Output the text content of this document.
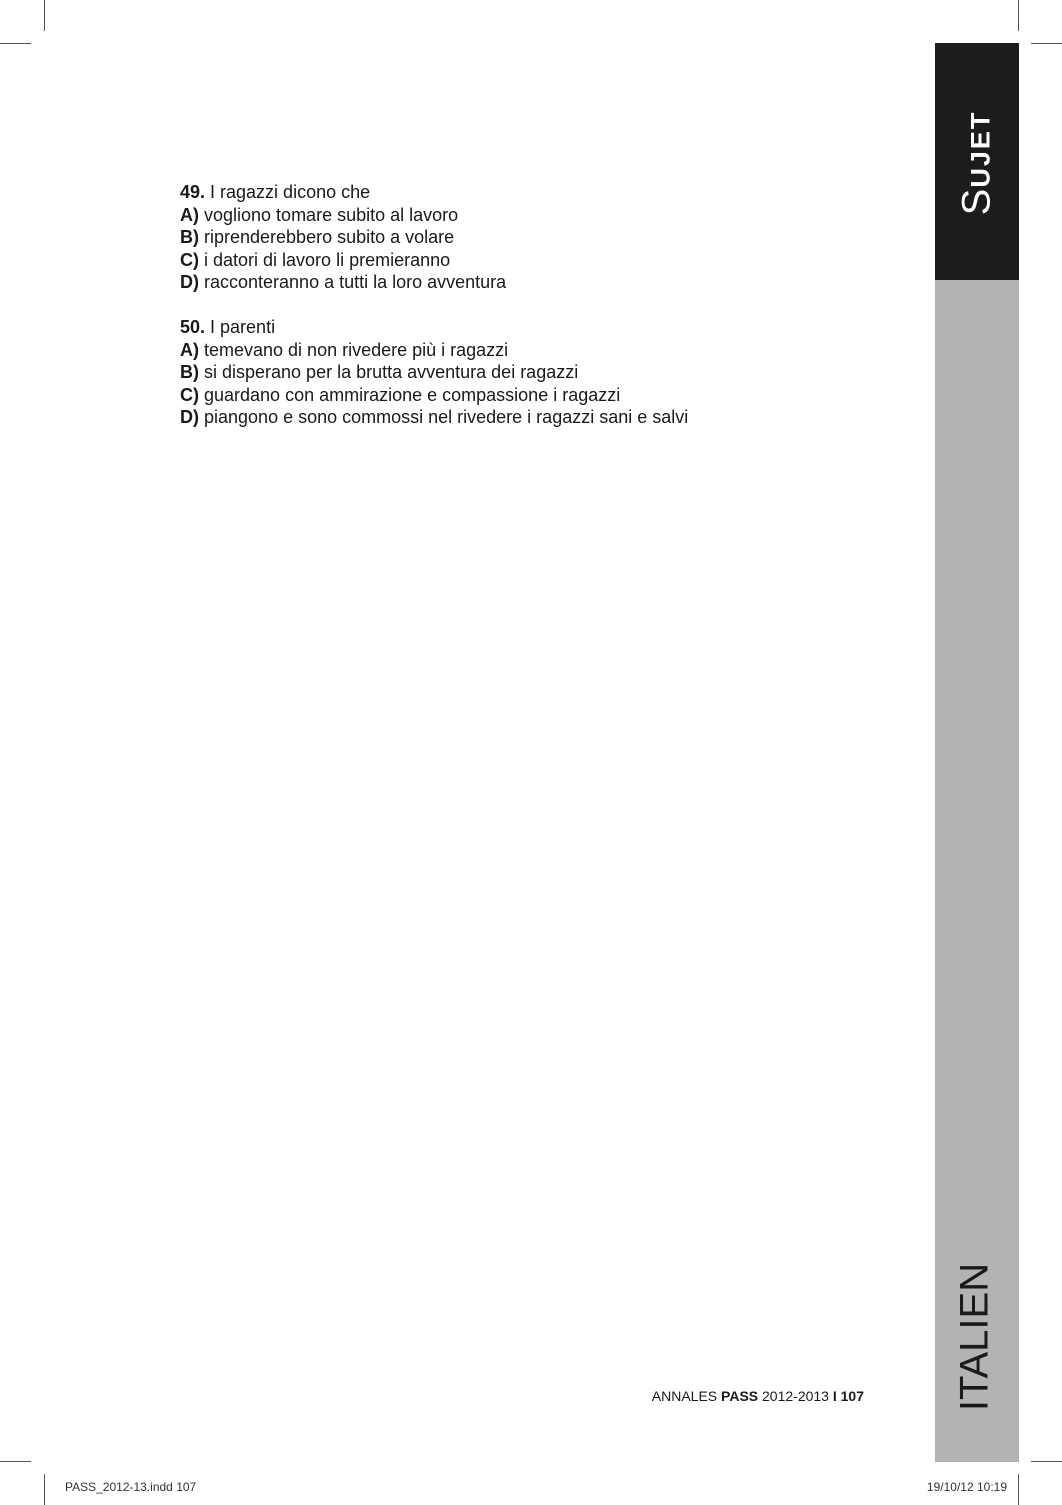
49. I ragazzi dicono che
A) vogliono tomare subito al lavoro
B) riprenderebbero subito a volare
C) i datori di lavoro li premieranno
D) racconteranno a tutti la loro avventura
50. I parenti
A) temevano di non rivedere più i ragazzi
B) si disperano per la brutta avventura dei ragazzi
C) guardano con ammirazione e compassione i ragazzi
D) piangono e sono commossi nel rivedere i ragazzi sani e salvi
SUJET
ITALIEN
ANNALES PASS 2012-2013 I 107
PASS_2012-13.indd 107	19/10/12 10:19
